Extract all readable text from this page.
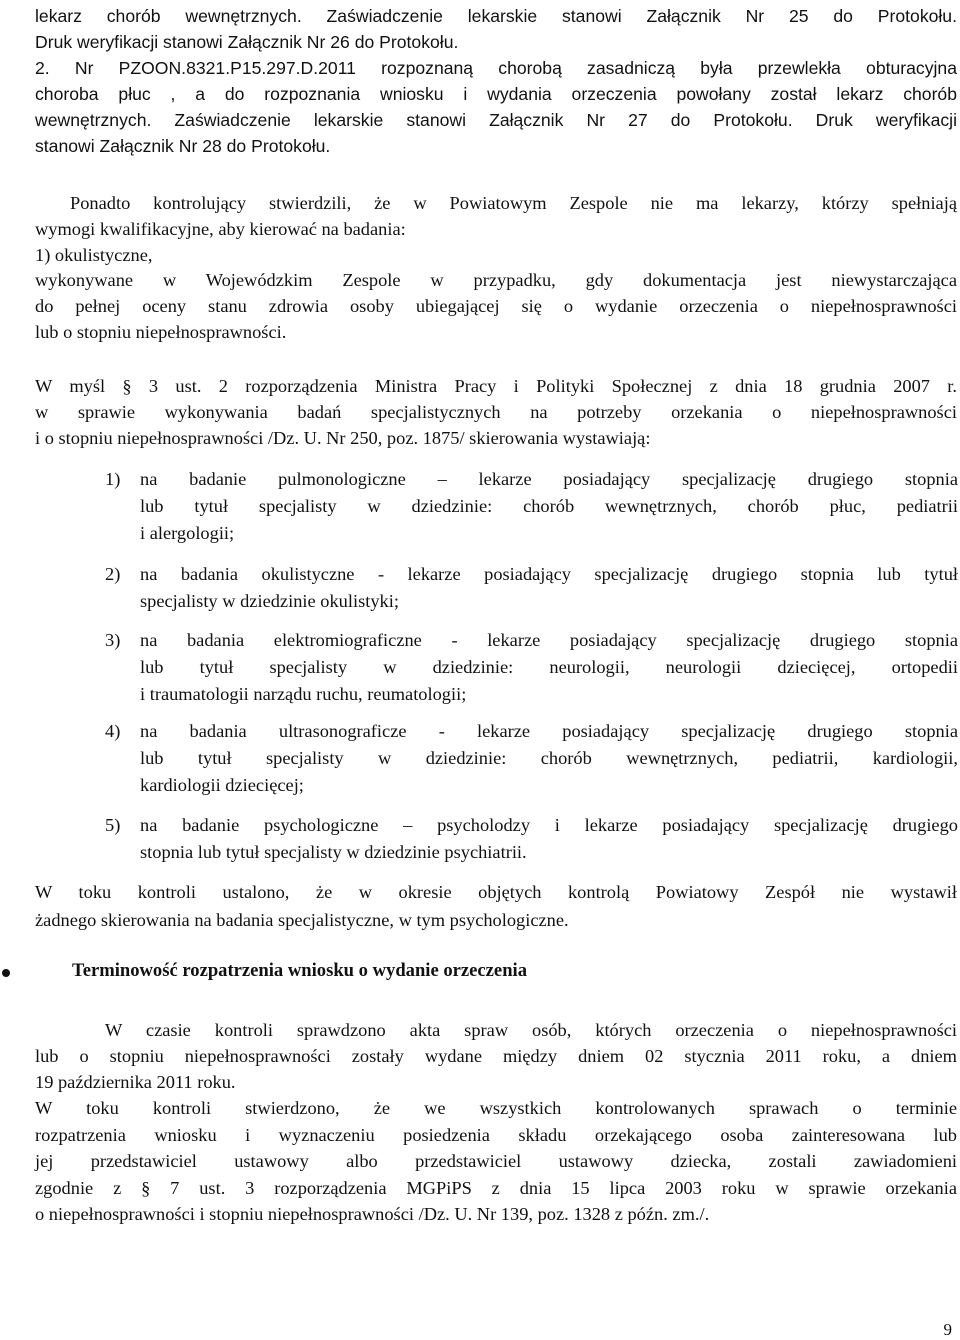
lekarz chorób wewnętrznych. Zaświadczenie lekarskie stanowi Załącznik Nr 25 do Protokołu.
Druk weryfikacji stanowi Załącznik Nr 26 do Protokołu.
2. Nr PZOON.8321.P15.297.D.2011 rozpoznaną chorobą zasadniczą była przewlekła obturacyjna
choroba płuc , a do rozpoznania wniosku i wydania orzeczenia powołany został lekarz chorób
wewnętrznych. Zaświadczenie lekarskie stanowi Załącznik Nr 27 do Protokołu. Druk weryfikacji
stanowi Załącznik Nr 28 do Protokołu.
Ponadto kontrolujący stwierdzili, że w Powiatowym Zespole nie ma lekarzy, którzy spełniają
wymogi kwalifikacyjne, aby kierować na badania:
1) okulistyczne,
wykonywane w Wojewódzkim Zespole w przypadku, gdy dokumentacja jest niewystarczająca
do pełnej oceny stanu zdrowia osoby ubiegającej się o wydanie orzeczenia o niepełnosprawności
lub o stopniu niepełnosprawności.
W myśl § 3 ust. 2 rozporządzenia Ministra Pracy i Polityki Społecznej z dnia 18 grudnia 2007 r.
w sprawie wykonywania badań specjalistycznych na potrzeby orzekania o niepełnosprawności
i o stopniu niepełnosprawności /Dz. U. Nr 250, poz. 1875/ skierowania wystawiają:
1) na badanie pulmonologiczne – lekarze posiadający specjalizację drugiego stopnia
lub tytuł specjalisty w dziedzinie: chorób wewnętrznych, chorób płuc, pediatrii
i alergologii;
2) na badania okulistyczne - lekarze posiadający specjalizację drugiego stopnia lub tytuł
specjalisty w dziedzinie okulistyki;
3) na badania elektromiograficzne - lekarze posiadający specjalizację drugiego stopnia
lub tytuł specjalisty w dziedzinie: neurologii, neurologii dziecięcej, ortopedii
i traumatologii narządu ruchu, reumatologii;
4) na badania ultrasonograficze - lekarze posiadający specjalizację drugiego stopnia
lub tytuł specjalisty w dziedzinie: chorób wewnętrznych, pediatrii, kardiologii,
kardiologii dziecięcej;
5) na badanie psychologiczne – psycholodzy i lekarze posiadający specjalizację drugiego
stopnia lub tytuł specjalisty w dziedzinie psychiatrii.
W toku kontroli ustalono, że w okresie objętych kontrolą Powiatowy Zespół nie wystawił
żadnego skierowania na badania specjalistyczne, w tym psychologiczne.
Terminowość rozpatrzenia wniosku o wydanie orzeczenia
W czasie kontroli sprawdzono akta spraw osób, których orzeczenia o niepełnosprawności
lub o stopniu niepełnosprawności zostały wydane między dniem 02 stycznia 2011 roku, a dniem
19 października 2011 roku.
W toku kontroli stwierdzono, że we wszystkich kontrolowanych sprawach o terminie
rozpatrzenia wniosku i wyznaczeniu posiedzenia składu orzekającego osoba zainteresowana lub
jej przedstawiciel ustawowy albo przedstawiciel ustawowy dziecka, zostali zawiadomieni
zgodnie z § 7 ust. 3 rozporządzenia MGPiPS z dnia 15 lipca 2003 roku w sprawie orzekania
o niepełnosprawności i stopniu niepełnosprawności /Dz. U. Nr 139, poz. 1328 z późn. zm./.
9
